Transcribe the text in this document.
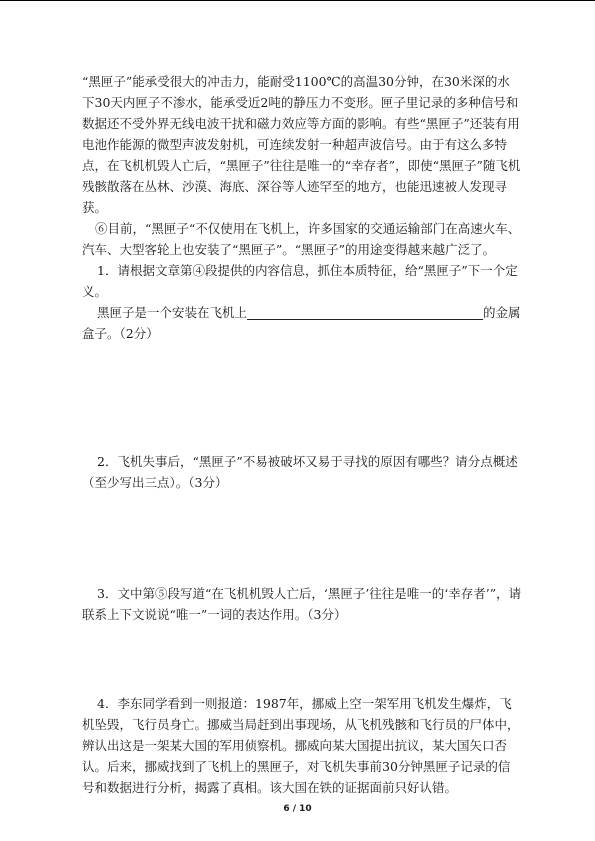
“黑匣子”能承受很大的冲击力，能耐受1100℃的高温30分钟，在30米深的水下30天内匣子不渗水，能承受近2吨的静压力不变形。匣子里记录的多种信号和数据还不受外界无线电波干扰和磁力效应等方面的影响。有些“黑匣子”还装有用电池作能源的微型声波发射机，可连续发射一种超声波信号。由于有这么多特点，在飞机机毁人亡后，“黑匣子”往往是唯一的“幸存者”，即使“黑匣子”随飞机残骸散落在丛林、沙漠、海底、深谷等人迹罕至的地方，也能迅速被人发现寻获。

⑥目前，“黑匣子“不仅使用在飞机上，许多国家的交通运输部门在高速火车、汽车、大型客轮上也安装了“黑匣子”。“黑匣子”的用途变得越来越广泛了。

1．请根据文章第④段提供的内容信息，抓住本质特征，给“黑匣子”下一个定义。

黑匣子是一个安装在飞机上	的金属盒子。（2分）

2．飞机失事后，“黑匣子”不易被破坏又易于寻找的原因有哪些？请分点概述（至少写出三点）。（3分）

3．文中第⑤段写道“在飞机机毁人亡后，‘黑匣子’往往是唯一的‘幸存者’”，请联系上下文说说“唯一”一词的表达作用。（3分）

4．李东同学看到一则报道：1987年，挪威上空一架军用飞机发生爆炸，飞机坠毁，飞行员身亡。挪威当局赶到出事现场，从飞机残骸和飞行员的尸体中，辨认出这是一架某大国的军用侦察机。挪威向某大国提出抗议，某大国矢口否认。后来，挪威找到了飞机上的黑匣子，对飞机失事前30分钟黑匣子记录的信号和数据进行分析，揭露了真相。该大国在铁的证据面前只好认错。

6 / 10
